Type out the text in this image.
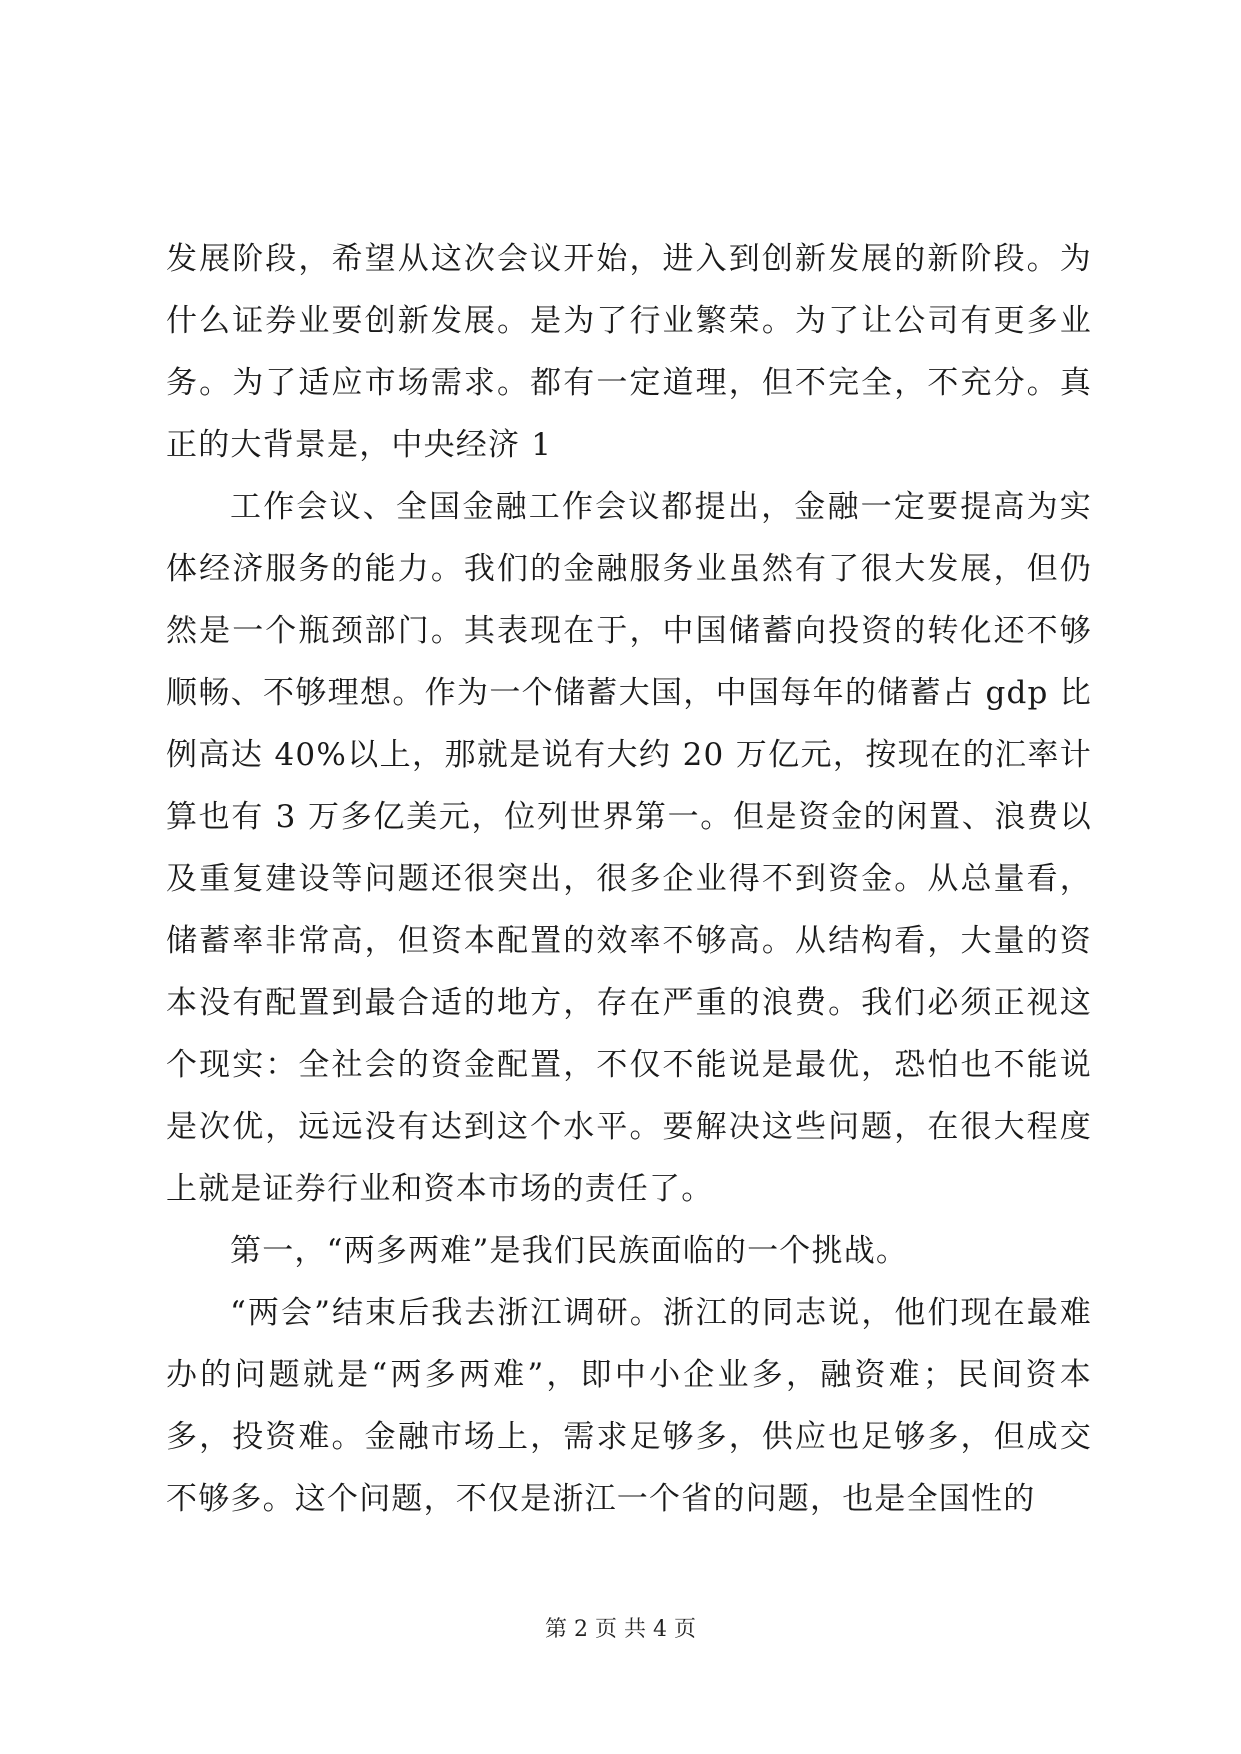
发展阶段，希望从这次会议开始，进入到创新发展的新阶段。为什么证券业要创新发展。是为了行业繁荣。为了让公司有更多业务。为了适应市场需求。都有一定道理，但不完全，不充分。真正的大背景是，中央经济 1

工作会议、全国金融工作会议都提出，金融一定要提高为实体经济服务的能力。我们的金融服务业虽然有了很大发展，但仍然是一个瓶颈部门。其表现在于，中国储蓄向投资的转化还不够顺畅、不够理想。作为一个储蓄大国，中国每年的储蓄占 gdp 比例高达 40%以上，那就是说有大约 20 万亿元，按现在的汇率计算也有 3 万多亿美元，位列世界第一。但是资金的闲置、浪费以及重复建设等问题还很突出，很多企业得不到资金。从总量看，储蓄率非常高，但资本配置的效率不够高。从结构看，大量的资本没有配置到最合适的地方，存在严重的浪费。我们必须正视这个现实：全社会的资金配置，不仅不能说是最优，恐怕也不能说是次优，远远没有达到这个水平。要解决这些问题，在很大程度上就是证券行业和资本市场的责任了。

第一，“两多两难”是我们民族面临的一个挑战。

“两会”结束后我去浙江调研。浙江的同志说，他们现在最难办的问题就是“两多两难”，即中小企业多，融资难；民间资本多，投资难。金融市场上，需求足够多，供应也足够多，但成交不够多。这个问题，不仅是浙江一个省的问题，也是全国性的

第 2 页 共 4 页
